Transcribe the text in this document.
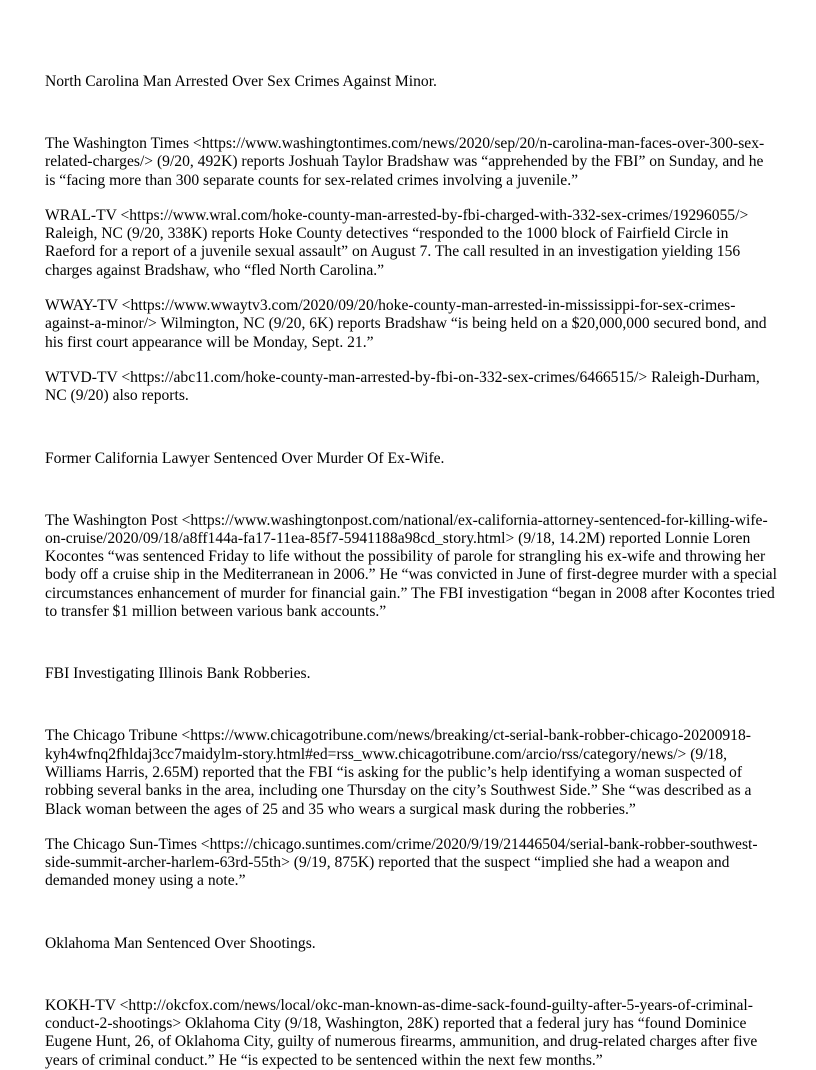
North Carolina Man Arrested Over Sex Crimes Against Minor.

The Washington Times <https://www.washingtontimes.com/news/2020/sep/20/n-carolina-man-faces-over-300-sex-related-charges/> (9/20, 492K) reports Joshuah Taylor Bradshaw was “apprehended by the FBI” on Sunday, and he is “facing more than 300 separate counts for sex-related crimes involving a juvenile.”

WRAL-TV <https://www.wral.com/hoke-county-man-arrested-by-fbi-charged-with-332-sex-crimes/19296055/> Raleigh, NC (9/20, 338K) reports Hoke County detectives “responded to the 1000 block of Fairfield Circle in Raeford for a report of a juvenile sexual assault” on August 7. The call resulted in an investigation yielding 156 charges against Bradshaw, who “fled North Carolina.”

WWAY-TV <https://www.wwaytv3.com/2020/09/20/hoke-county-man-arrested-in-mississippi-for-sex-crimes-against-a-minor/> Wilmington, NC (9/20, 6K) reports Bradshaw “is being held on a $20,000,000 secured bond, and his first court appearance will be Monday, Sept. 21.”

WTVD-TV <https://abc11.com/hoke-county-man-arrested-by-fbi-on-332-sex-crimes/6466515/> Raleigh-Durham, NC (9/20) also reports.

Former California Lawyer Sentenced Over Murder Of Ex-Wife.

The Washington Post <https://www.washingtonpost.com/national/ex-california-attorney-sentenced-for-killing-wife-on-cruise/2020/09/18/a8ff144a-fa17-11ea-85f7-5941188a98cd_story.html> (9/18, 14.2M) reported Lonnie Loren Kocontes “was sentenced Friday to life without the possibility of parole for strangling his ex-wife and throwing her body off a cruise ship in the Mediterranean in 2006.” He “was convicted in June of first-degree murder with a special circumstances enhancement of murder for financial gain.” The FBI investigation “began in 2008 after Kocontes tried to transfer $1 million between various bank accounts.”

FBI Investigating Illinois Bank Robberies.

The Chicago Tribune <https://www.chicagotribune.com/news/breaking/ct-serial-bank-robber-chicago-20200918-kyh4wfnq2fhldaj3cc7maidylm-story.html#ed=rss_www.chicagotribune.com/arcio/rss/category/news/> (9/18, Williams Harris, 2.65M) reported that the FBI “is asking for the public’s help identifying a woman suspected of robbing several banks in the area, including one Thursday on the city’s Southwest Side.” She “was described as a Black woman between the ages of 25 and 35 who wears a surgical mask during the robberies.”

The Chicago Sun-Times <https://chicago.suntimes.com/crime/2020/9/19/21446504/serial-bank-robber-southwest-side-summit-archer-harlem-63rd-55th> (9/19, 875K) reported that the suspect “implied she had a weapon and demanded money using a note.”

Oklahoma Man Sentenced Over Shootings.

KOKH-TV <http://okcfox.com/news/local/okc-man-known-as-dime-sack-found-guilty-after-5-years-of-criminal-conduct-2-shootings> Oklahoma City (9/18, Washington, 28K) reported that a federal jury has “found Dominice Eugene Hunt, 26, of Oklahoma City, guilty of numerous firearms, ammunition, and drug-related charges after five years of criminal conduct.” He “is expected to be sentenced within the next few months.”
